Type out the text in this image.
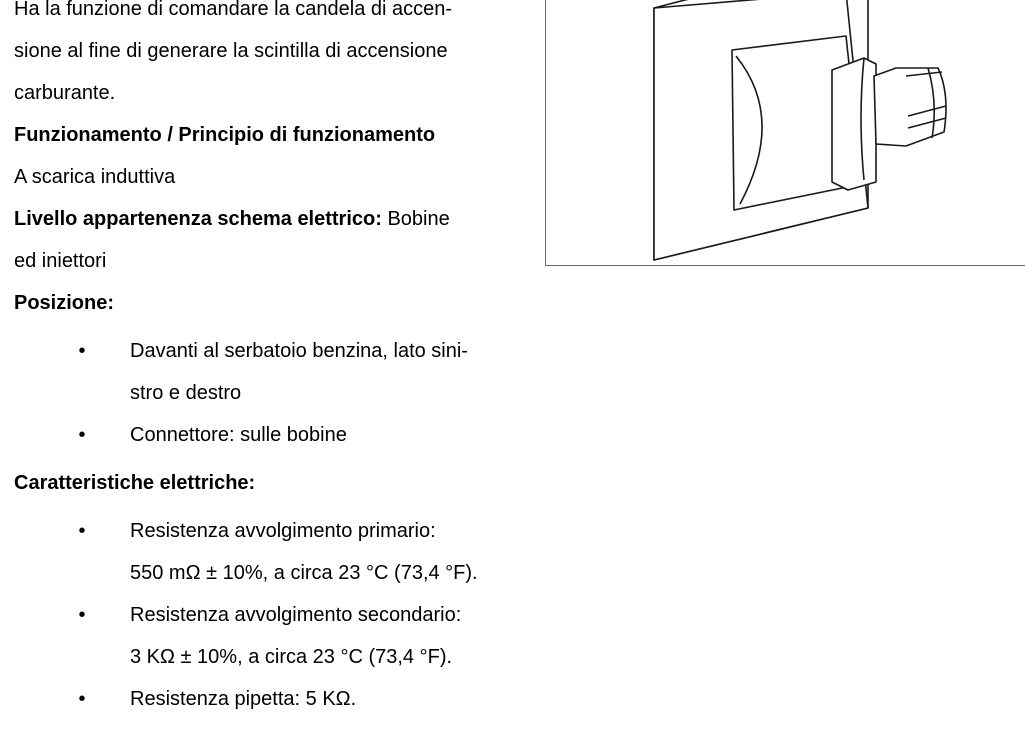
Ha la funzione di comandare la candela di accen-

sione al fine di generare la scintilla di accensione

carburante.

Funzionamento / Principio di funzionamento

A scarica induttiva

Livello appartenenza schema elettrico: Bobine

ed iniettori

Posizione:

•	Davanti al serbatoio benzina, lato sini-
stro e destro
•	Connettore: sulle bobine

Caratteristiche elettriche:

•	Resistenza avvolgimento primario:
550 mΩ ± 10%, a circa 23 °C (73,4 °F).
•	Resistenza avvolgimento secondario:
3 KΩ ± 10%, a circa 23 °C (73,4 °F).
•	Resistenza pipetta: 5 KΩ.
